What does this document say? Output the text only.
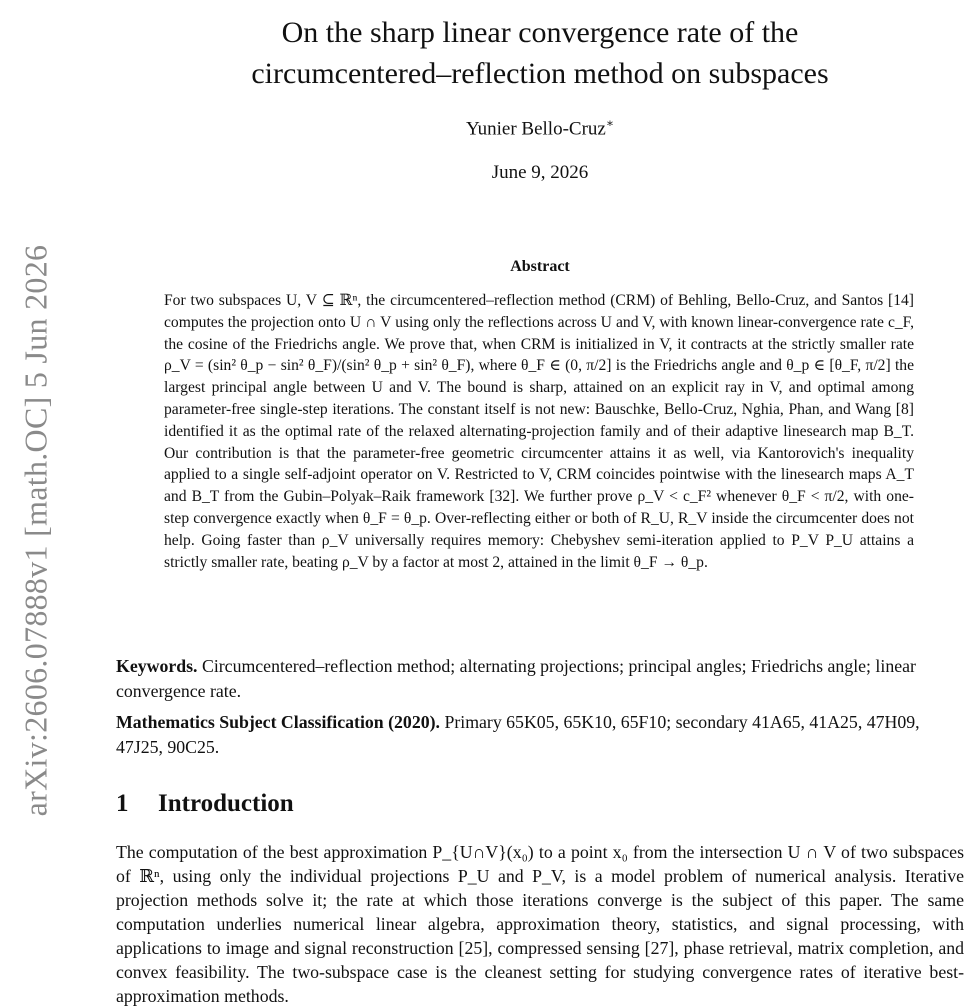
arXiv:2606.07888v1 [math.OC] 5 Jun 2026
On the sharp linear convergence rate of the
circumcentered–reflection method on subspaces
Yunier Bello-Cruz∗
June 9, 2026
Abstract

For two subspaces U, V ⊆ ℝⁿ, the circumcentered–reflection method (CRM) of Behling, Bello-Cruz, and Santos [14] computes the projection onto U ∩ V using only the reflections across U and V, with known linear-convergence rate c_F, the cosine of the Friedrichs angle. We prove that, when CRM is initialized in V, it contracts at the strictly smaller rate ρ_V = (sin² θ_p − sin² θ_F)/(sin² θ_p + sin² θ_F), where θ_F ∈ (0, π/2] is the Friedrichs angle and θ_p ∈ [θ_F, π/2] the largest principal angle between U and V. The bound is sharp, attained on an explicit ray in V, and optimal among parameter-free single-step iterations. The constant itself is not new: Bauschke, Bello-Cruz, Nghia, Phan, and Wang [8] identified it as the optimal rate of the relaxed alternating-projection family and of their adaptive linesearch map B_T. Our contribution is that the parameter-free geometric circumcenter attains it as well, via Kantorovich's inequality applied to a single self-adjoint operator on V. Restricted to V, CRM coincides pointwise with the linesearch maps A_T and B_T from the Gubin–Polyak–Raik framework [32]. We further prove ρ_V < c_F² whenever θ_F < π/2, with one-step convergence exactly when θ_F = θ_p. Over-reflecting either or both of R_U, R_V inside the circumcenter does not help. Going faster than ρ_V universally requires memory: Chebyshev semi-iteration applied to P_V P_U attains a strictly smaller rate, beating ρ_V by a factor at most 2, attained in the limit θ_F → θ_p.

Keywords. Circumcentered–reflection method; alternating projections; principal angles; Friedrichs angle; linear convergence rate.

Mathematics Subject Classification (2020). Primary 65K05, 65K10, 65F10; secondary 41A65, 41A25, 47H09, 47J25, 90C25.

1 Introduction

The computation of the best approximation P_{U∩V}(x₀) to a point x₀ from the intersection U ∩ V of two subspaces of ℝⁿ, using only the individual projections P_U and P_V, is a model problem of numerical analysis. Iterative projection methods solve it; the rate at which those iterations converge is the subject of this paper. The same computation underlies numerical linear algebra, approximation theory, statistics, and signal processing, with applications to image and signal reconstruction [25], compressed sensing [27], phase retrieval, matrix completion, and convex feasibility. The two-subspace case is the cleanest setting for studying convergence rates of iterative best-approximation methods.
